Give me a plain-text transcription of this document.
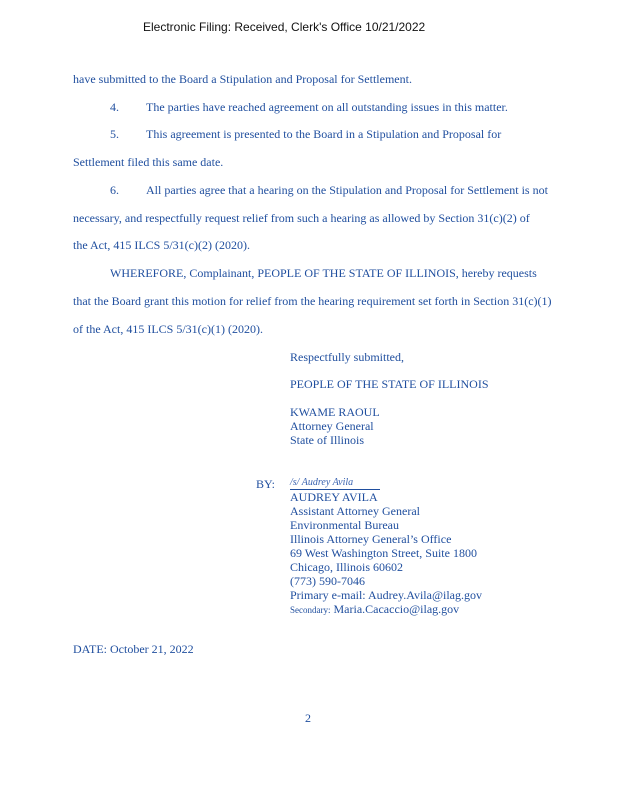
Electronic Filing: Received, Clerk's Office 10/21/2022
have submitted to the Board a Stipulation and Proposal for Settlement.
4. The parties have reached agreement on all outstanding issues in this matter.
5. This agreement is presented to the Board in a Stipulation and Proposal for
Settlement filed this same date.
6. All parties agree that a hearing on the Stipulation and Proposal for Settlement is not
necessary, and respectfully request relief from such a hearing as allowed by Section 31(c)(2) of
the Act, 415 ILCS 5/31(c)(2) (2020).
WHEREFORE, Complainant, PEOPLE OF THE STATE OF ILLINOIS, hereby requests
that the Board grant this motion for relief from the hearing requirement set forth in Section 31(c)(1)
of the Act, 415 ILCS 5/31(c)(1) (2020).
Respectfully submitted,
PEOPLE OF THE STATE OF ILLINOIS
KWAME RAOUL
Attorney General
State of Illinois
BY: /s/ Audrey Avila
AUDREY AVILA
Assistant Attorney General
Environmental Bureau
Illinois Attorney General’s Office
69 West Washington Street, Suite 1800
Chicago, Illinois 60602
(773) 590-7046
Primary e-mail: Audrey.Avila@ilag.gov
Secondary: Maria.Cacaccio@ilag.gov
DATE: October 21, 2022
2
